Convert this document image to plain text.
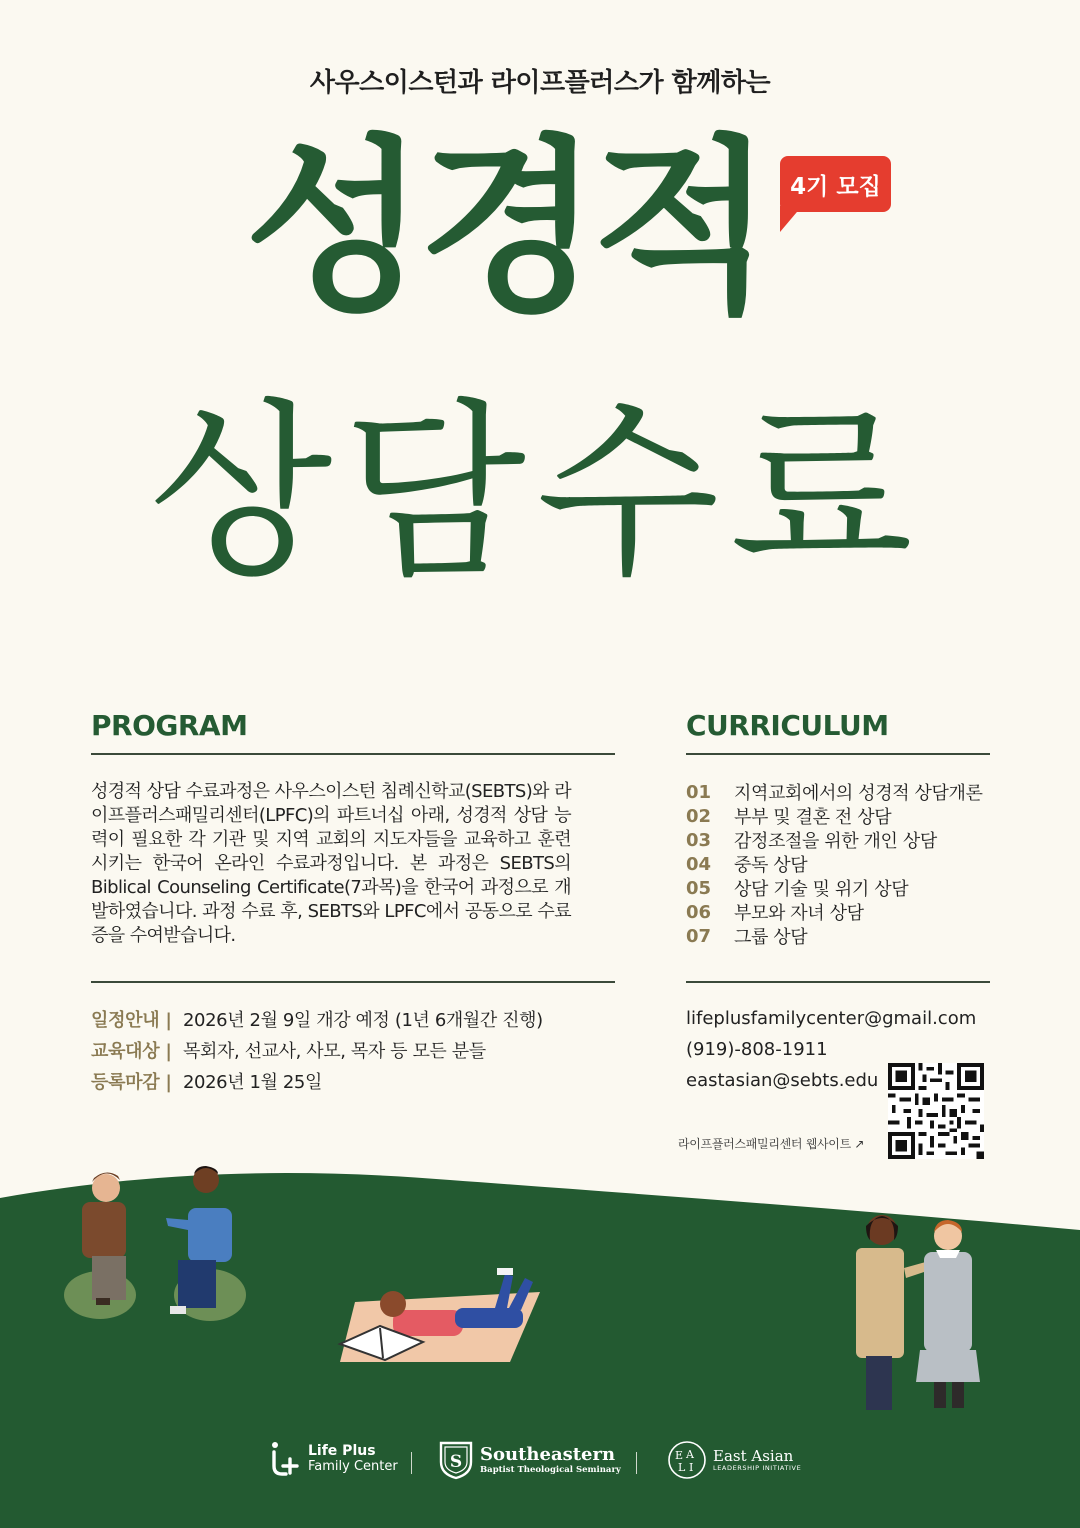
사우스이스턴과 라이프플러스가 함께하는
성경적	4기 모집
상담수료
PROGRAM
성경적 상담 수료과정은 사우스이스턴 침례신학교(SEBTS)와 라이프플러스패밀리센터(LPFC)의 파트너십 아래, 성경적 상담 능력이 필요한 각 기관 및 지역 교회의 지도자들을 교육하고 훈련시키는 한국어 온라인 수료과정입니다. 본 과정은 SEBTS의 Biblical Counseling Certificate(7과목)을 한국어 과정으로 개발하였습니다. 과정 수료 후, SEBTS와 LPFC에서 공동으로 수료증을 수여받습니다.
CURRICULUM
01	지역교회에서의 성경적 상담개론
02	부부 및 결혼 전 상담
03	감정조절을 위한 개인 상담
04	중독 상담
05	상담 기술 및 위기 상담
06	부모와 자녀 상담
07	그룹 상담
일정안내 | 2026년 2월 9일 개강 예정 (1년 6개월간 진행)
교육대상 | 목회자, 선교사, 사모, 목자 등 모든 분들
등록마감 | 2026년 1월 25일
lifeplusfamilycenter@gmail.com
(919)-808-1911
eastasian@sebts.edu
라이프플러스패밀리센터 웹사이트 ↗
Life Plus
Family Center	S Southeastern
Baptist Theological Seminary
E A
L I
East Asian
LEADERSHIP INITIATIVE
